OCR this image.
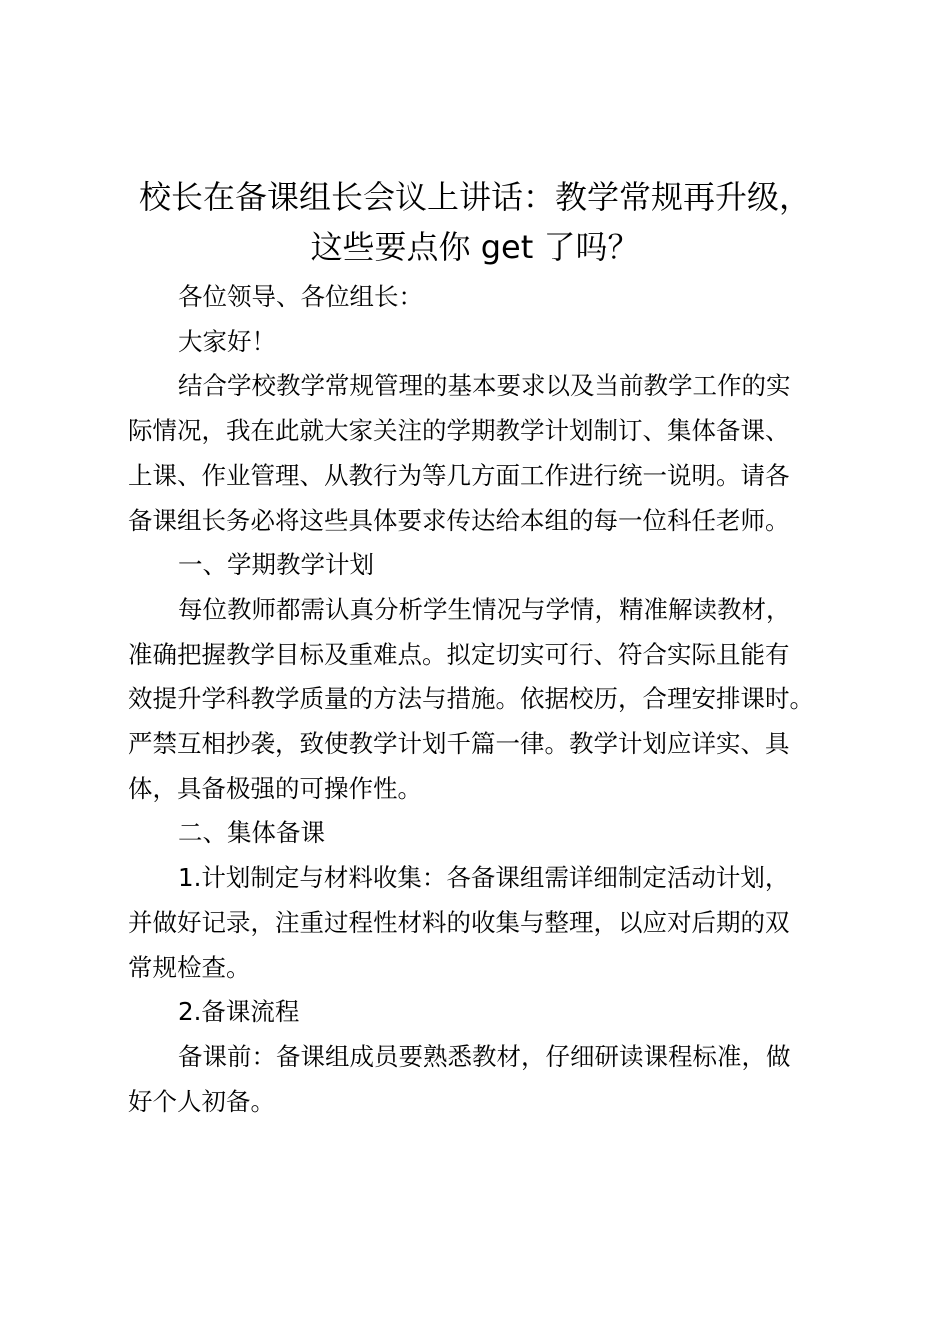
校长在备课组长会议上讲话：教学常规再升级，
这些要点你 get 了吗？

各位领导、各位组长：

大家好！

结合学校教学常规管理的基本要求以及当前教学工作的实
际情况，我在此就大家关注的学期教学计划制订、集体备课、
上课、作业管理、从教行为等几方面工作进行统一说明。请各
备课组长务必将这些具体要求传达给本组的每一位科任老师。

一、学期教学计划

每位教师都需认真分析学生情况与学情，精准解读教材，
准确把握教学目标及重难点。拟定切实可行、符合实际且能有
效提升学科教学质量的方法与措施。依据校历，合理安排课时。
严禁互相抄袭，致使教学计划千篇一律。教学计划应详实、具
体，具备极强的可操作性。

二、集体备课

1.计划制定与材料收集：各备课组需详细制定活动计划，
并做好记录，注重过程性材料的收集与整理，以应对后期的双
常规检查。

2.备课流程

备课前：备课组成员要熟悉教材，仔细研读课程标准，做
好个人初备。
